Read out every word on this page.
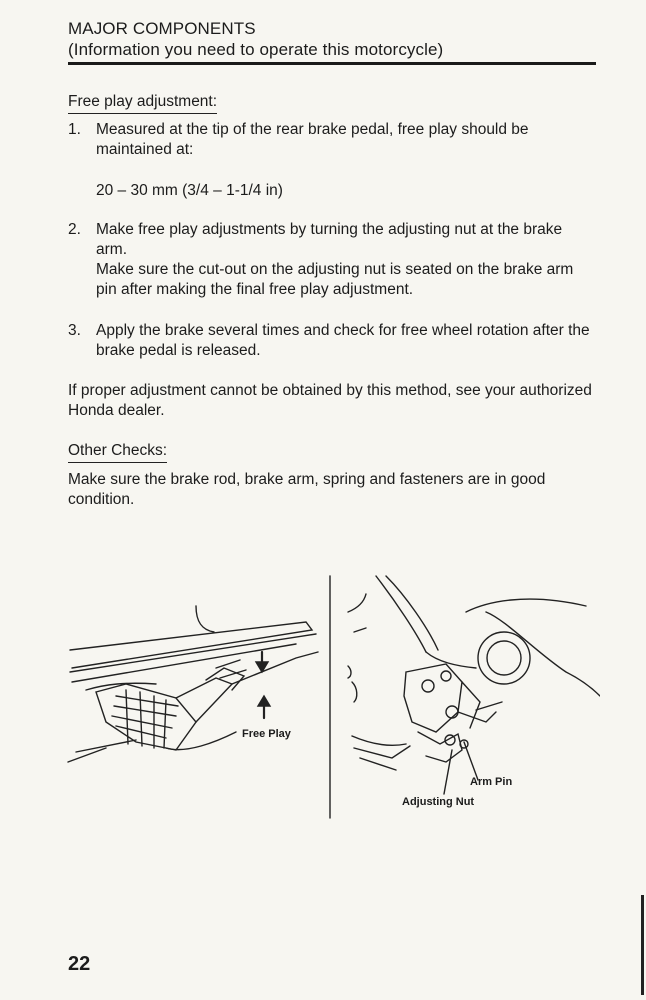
MAJOR COMPONENTS
(Information you need to operate this motorcycle)
Free play adjustment:
1. Measured at the tip of the rear brake pedal, free play should be maintained at:

20 – 30 mm (3/4 – 1-1/4 in)
2. Make free play adjustments by turning the adjusting nut at the brake arm.

Make sure the cut-out on the adjusting nut is seated on the brake arm pin after making the final free play adjustment.

3. Apply the brake several times and check for free wheel rotation after the brake pedal is released.

If proper adjustment cannot be obtained by this method, see your authorized Honda dealer.

Other Checks:

Make sure the brake rod, brake arm, spring and fasteners are in good condition.

Free Play
Arm Pin
Adjusting Nut
22
